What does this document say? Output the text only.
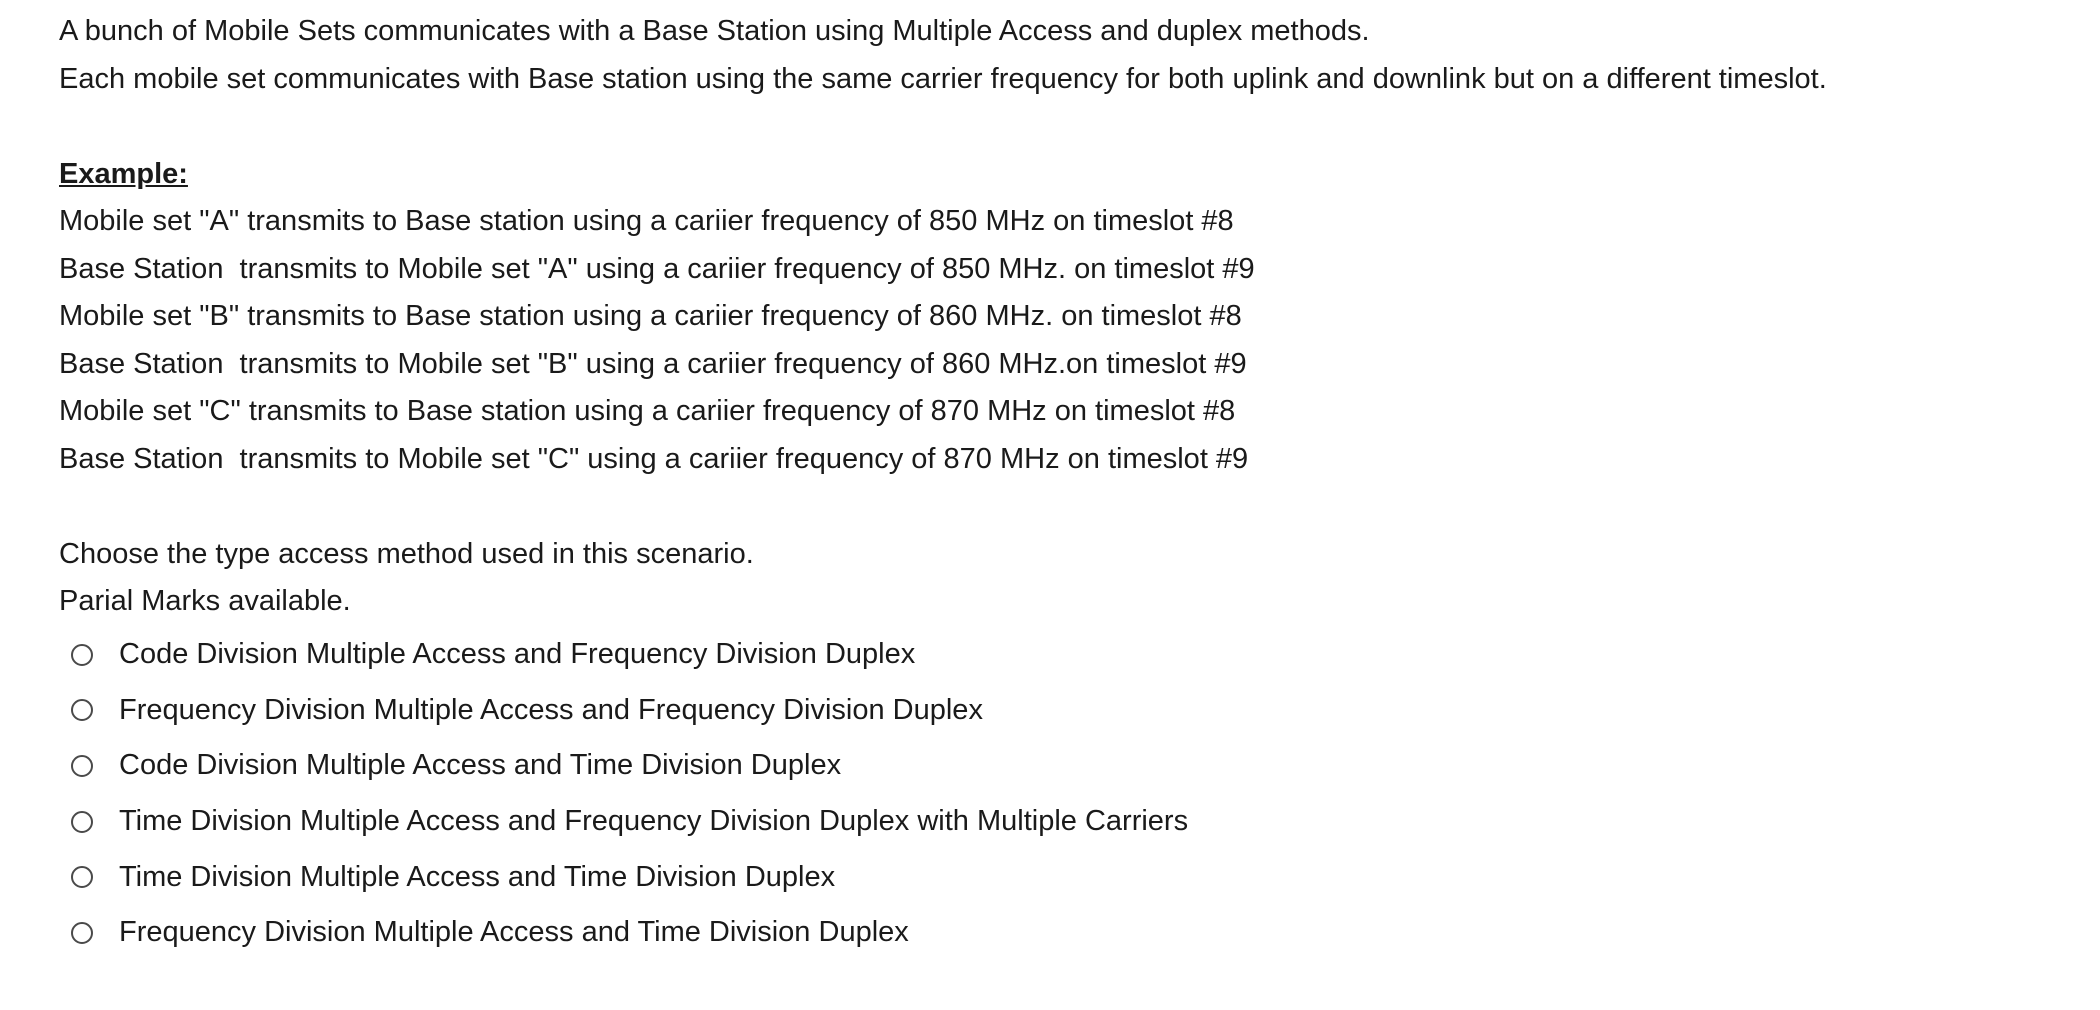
A bunch of Mobile Sets communicates with a Base Station using Multiple Access and duplex methods.
Each mobile set communicates with Base station using the same carrier frequency for both uplink and downlink but on a different timeslot.
Example:
Mobile set "A" transmits to Base station using a cariier frequency of 850 MHz on timeslot #8
Base Station  transmits to Mobile set "A" using a cariier frequency of 850 MHz. on timeslot #9
Mobile set "B" transmits to Base station using a cariier frequency of 860 MHz. on timeslot #8
Base Station  transmits to Mobile set "B" using a cariier frequency of 860 MHz.on timeslot #9
Mobile set "C" transmits to Base station using a cariier frequency of 870 MHz on timeslot #8
Base Station  transmits to Mobile set "C" using a cariier frequency of 870 MHz on timeslot #9
Choose the type access method used in this scenario.
Parial Marks available.
Code Division Multiple Access and Frequency Division Duplex
Frequency Division Multiple Access and Frequency Division Duplex
Code Division Multiple Access and Time Division Duplex
Time Division Multiple Access and Frequency Division Duplex with Multiple Carriers
Time Division Multiple Access and Time Division Duplex
Frequency Division Multiple Access and Time Division Duplex
